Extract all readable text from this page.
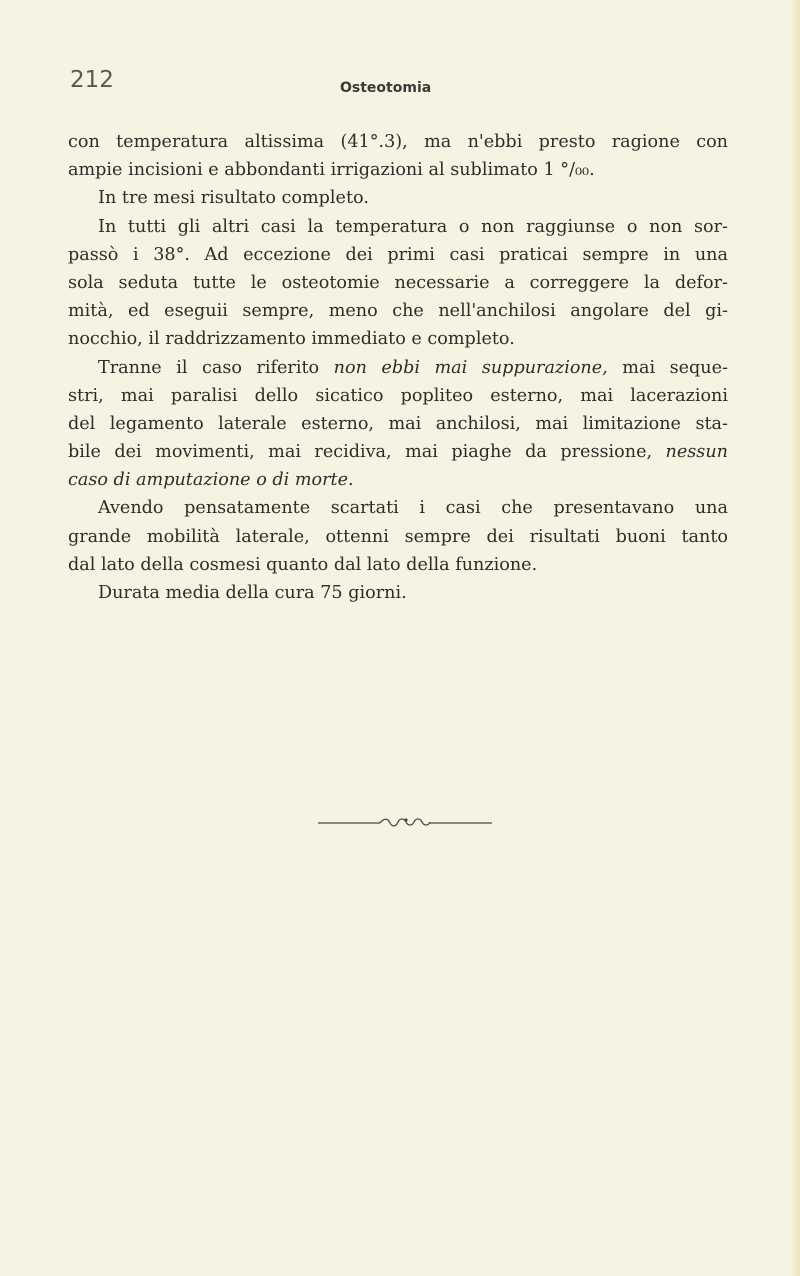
212	Osteotomia
con temperatura altissima (41°.3), ma n'ebbi presto ragione con
ampie incisioni e abbondanti irrigazioni al sublimato 1 °/₀₀.
In tre mesi risultato completo.
In tutti gli altri casi la temperatura o non raggiunse o non sor-
passò i 38°. Ad eccezione dei primi casi praticai sempre in una
sola seduta tutte le osteotomie necessarie a correggere la defor-
mità, ed eseguii sempre, meno che nell'anchilosi angolare del gi-
nocchio, il raddrizzamento immediato e completo.
Tranne il caso riferito non ebbi mai suppurazione, mai seque-
stri, mai paralisi dello sicatico popliteo esterno, mai lacerazioni
del legamento laterale esterno, mai anchilosi, mai limitazione sta-
bile dei movimenti, mai recidiva, mai piaghe da pressione, nessun
caso di amputazione o di morte.
Avendo pensatamente scartati i casi che presentavano una
grande mobilità laterale, ottenni sempre dei risultati buoni tanto
dal lato della cosmesi quanto dal lato della funzione.
Durata media della cura 75 giorni.
